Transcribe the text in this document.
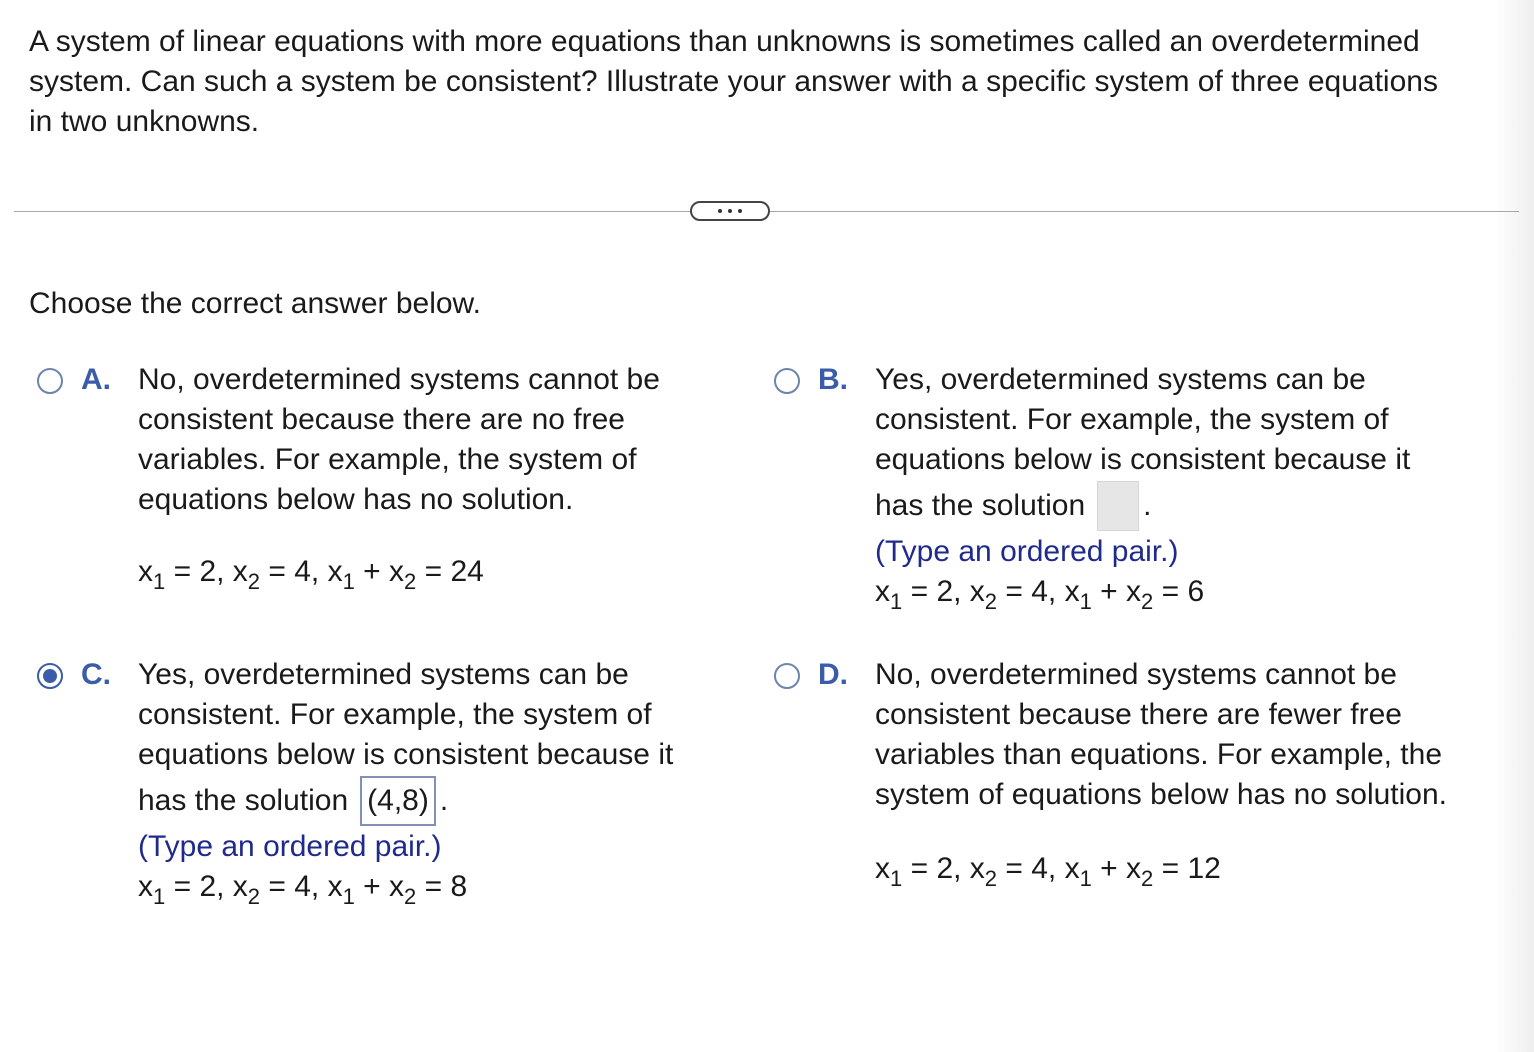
A system of linear equations with more equations than unknowns is sometimes called an overdetermined system. Can such a system be consistent? Illustrate your answer with a specific system of three equations in two unknowns.

Choose the correct answer below.

A. No, overdetermined systems cannot be consistent because there are no free variables. For example, the system of equations below has no solution.

$x_1 = 2$, $x_2 = 4$, $x_1 + x_2 = 24$

B. Yes, overdetermined systems can be consistent. For example, the system of equations below is consistent because it

has the solution .

(Type an ordered pair.)

$x_1 = 2$, $x_2 = 4$, $x_1 + x_2 = 6$

C. Yes, overdetermined systems can be consistent. For example, the system of equations below is consistent because it

has the solution (4,8) .

(Type an ordered pair.)

$x_1 = 2$, $x_2 = 4$, $x_1 + x_2 = 8$

D. No, overdetermined systems cannot be consistent because there are fewer free variables than equations. For example, the system of equations below has no solution.

$x_1 = 2$, $x_2 = 4$, $x_1 + x_2 = 12$
